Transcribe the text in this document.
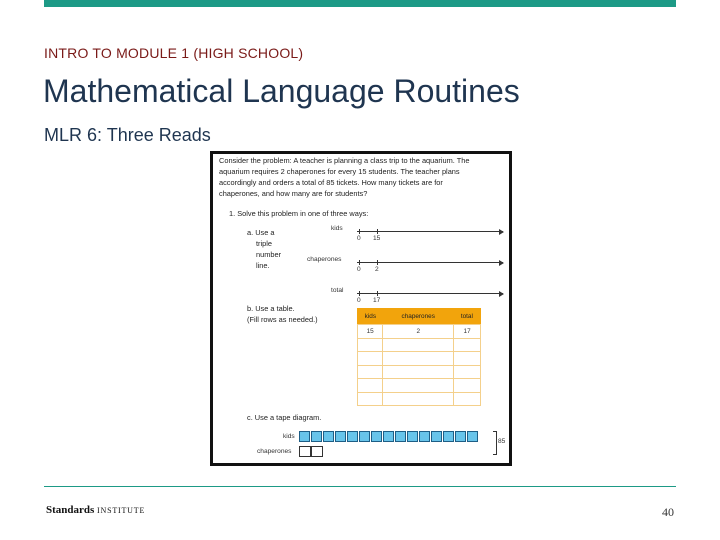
INTRO TO MODULE 1 (HIGH SCHOOL)
Mathematical Language Routines
MLR 6: Three Reads
Consider the problem: A teacher is planning a class trip to the aquarium. The
aquarium requires 2 chaperones for every 15 students. The teacher plans
accordingly and orders a total of 85 tickets. How many tickets are for
chaperones, and how many are for students?
1. Solve this problem in one of three ways:
a. Use a
triple
number
line.
kids
0 15
chaperones
0 2
total
0 17
b. Use a table.
(Fill rows as needed.)	kids	chaperones	total
15	2	17

c. Use a tape diagram.
kids
85
chaperones
Standards INSTITUTE	40
